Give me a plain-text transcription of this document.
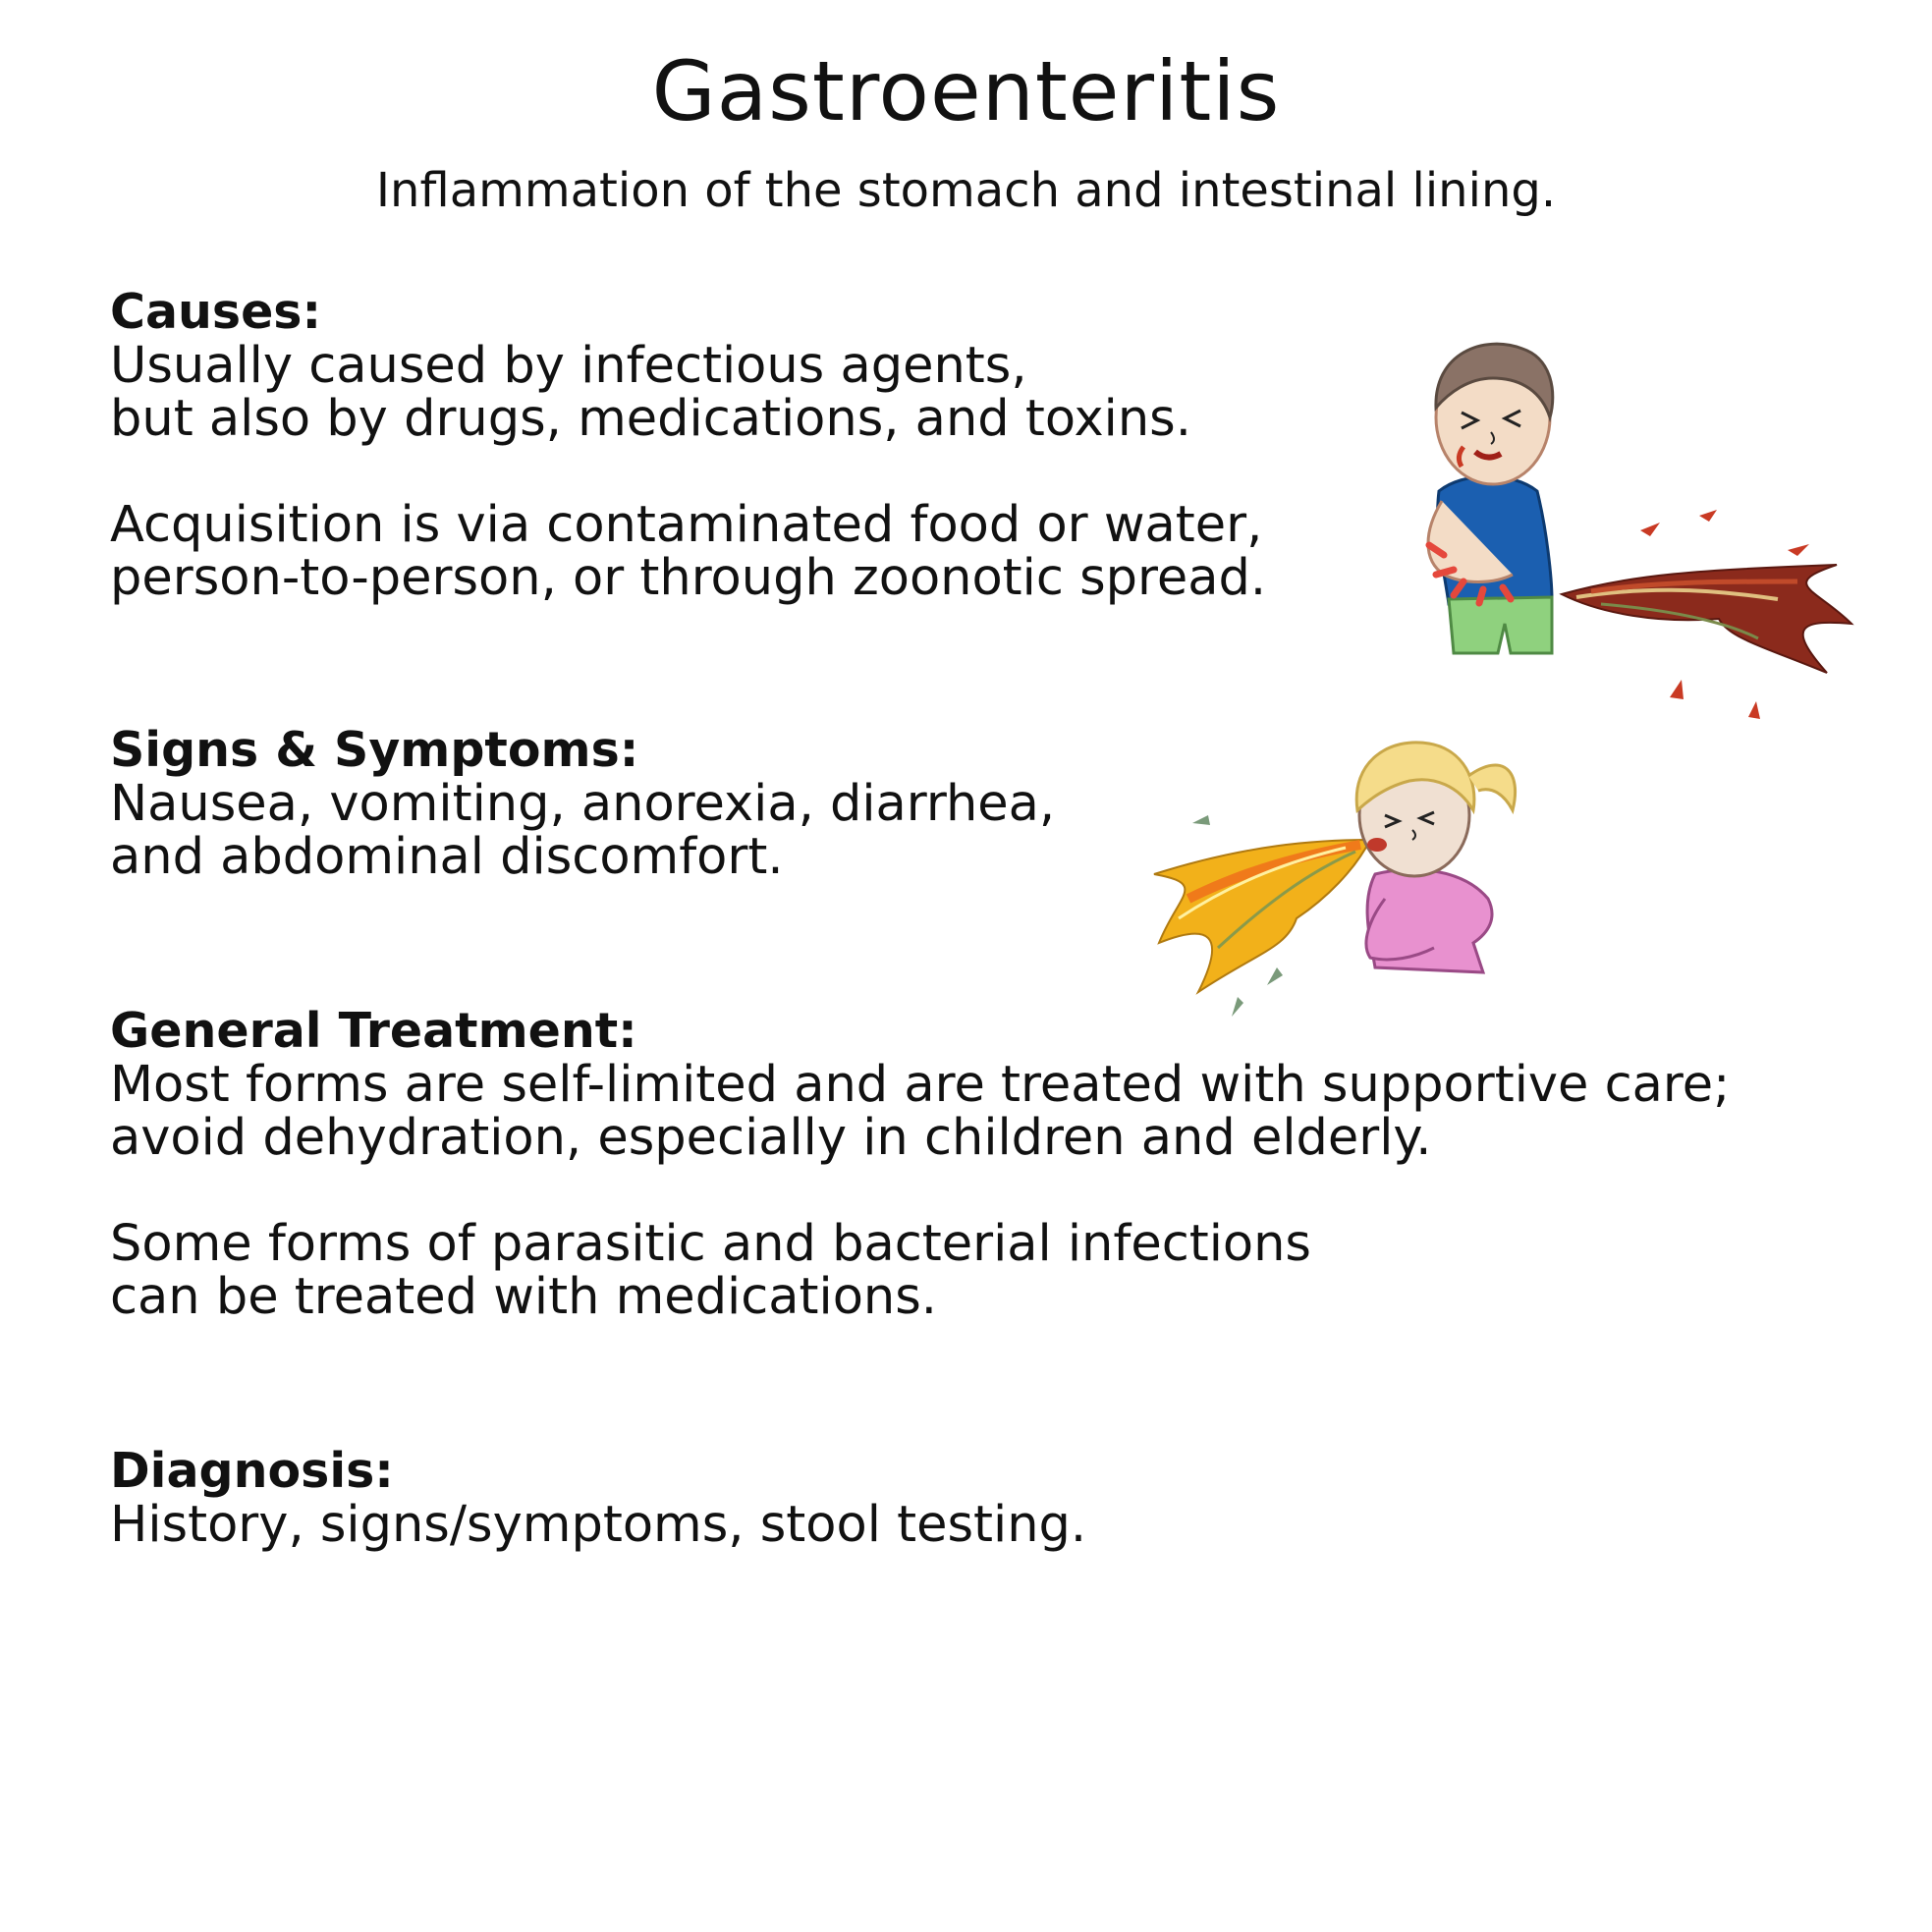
Gastroenteritis

Inflammation of the stomach and intestinal lining.

Causes:

Usually caused by infectious agents,
but also by drugs, medications, and toxins.

Acquisition is via contaminated food or water,
person-to-person, or through zoonotic spread.

Signs & Symptoms:

Nausea, vomiting, anorexia, diarrhea,
and abdominal discomfort.

General Treatment:

Most forms are self-limited and are treated with supportive care;
avoid dehydration, especially in children and elderly.

Some forms of parasitic and bacterial infections
can be treated with medications.

Diagnosis:

History, signs/symptoms, stool testing.
